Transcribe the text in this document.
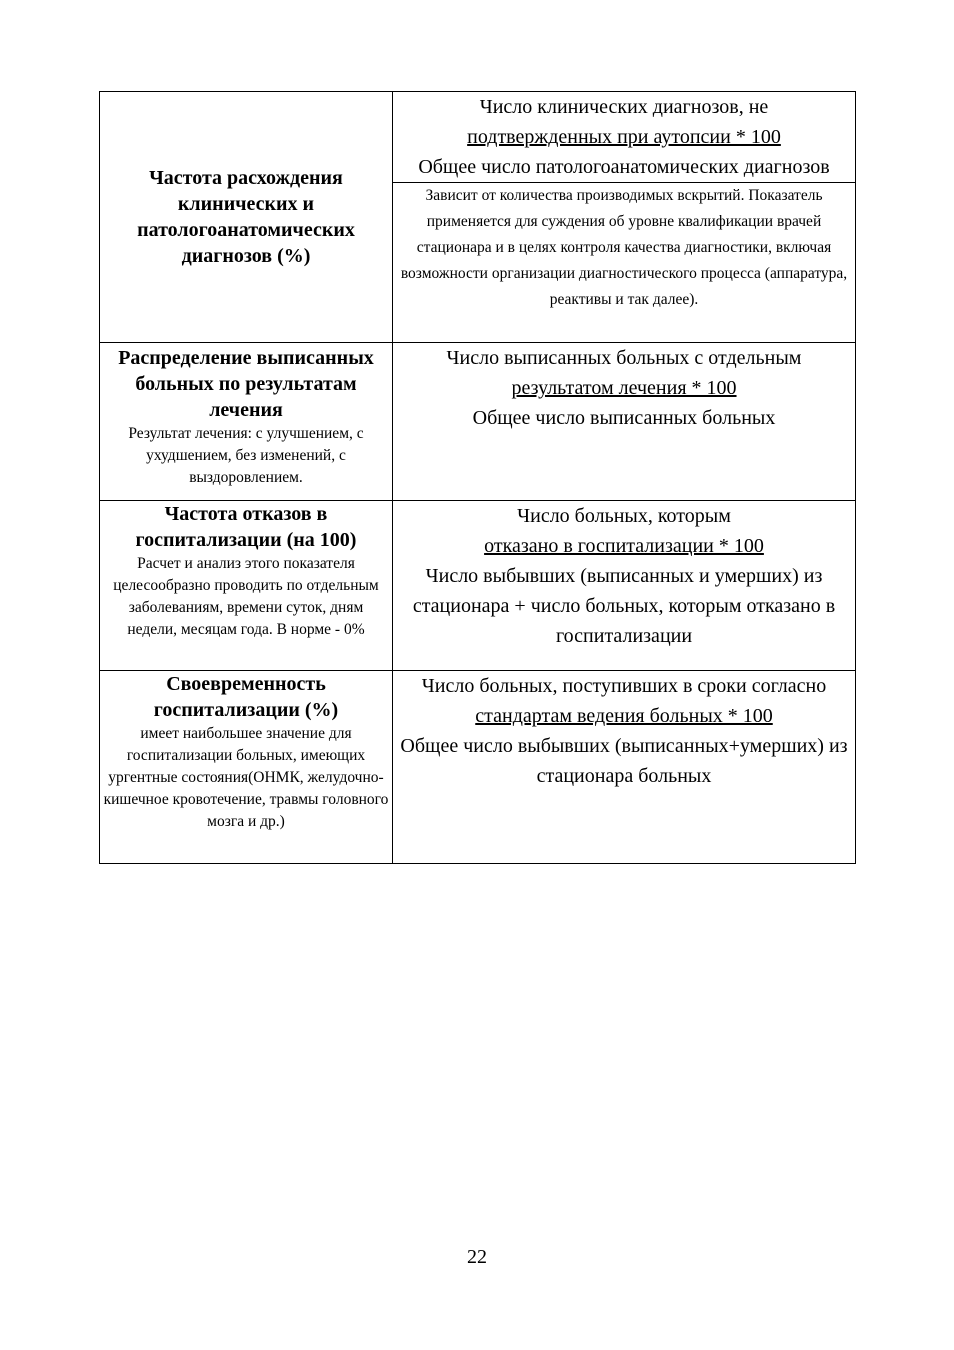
Частота расхождения клинических и патологоанатомических диагнозов (%)	Число клинических диагнозов, не
подтвержденных при аутопсии * 100
Общее число патологоанатомических диагнозов

	Зависит от количества производимых вскрытий. Показатель применяется для суждения об уровне квалификации врачей стационара и в целях контроля качества диагностики, включая возможности организации диагностического процесса (аппаратура, реактивы и так далее).

Распределение выписанных больных по результатам лечения
Результат лечения: с улучшением, с ухудшением, без изменений, с выздоровлением.	Число выписанных больных с отдельным
результатом лечения * 100
Общее число выписанных больных

Частота отказов в госпитализации (на 100)
Расчет и анализ этого показателя целесообразно проводить по отдельным заболеваниям, времени суток, дням недели, месяцам года. В норме - 0%	Число больных, которым
отказано в госпитализации * 100
Число выбывших (выписанных и умерших) из стационара + число больных, которым отказано в госпитализации

Своевременность госпитализации (%)
имеет наибольшее значение для госпитализации больных, имеющих ургентные состояния(ОНМК, желудочно-кишечное кровотечение, травмы головного мозга и др.)	Число больных, поступивших в сроки согласно
стандартам ведения больных * 100
Общее число выбывших (выписанных+умерших) из стационара больных
22
